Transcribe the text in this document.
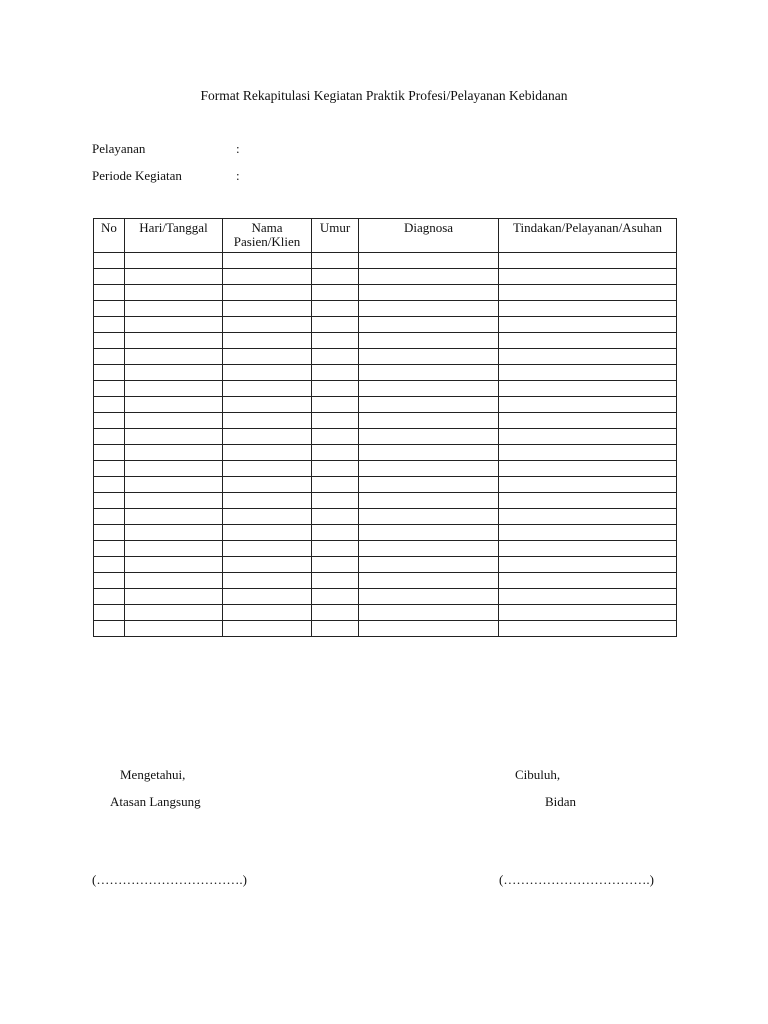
Format Rekapitulasi Kegiatan Praktik Profesi/Pelayanan Kebidanan
Pelayanan	:
Periode Kegiatan	:
No	Hari/Tanggal	Nama Pasien/Klien	Umur	Diagnosa	Tindakan/Pelayanan/Asuhan

Mengetahui,
Atasan Langsung
Cibuluh,
Bidan
(…………………………….)	(…………………………….)
